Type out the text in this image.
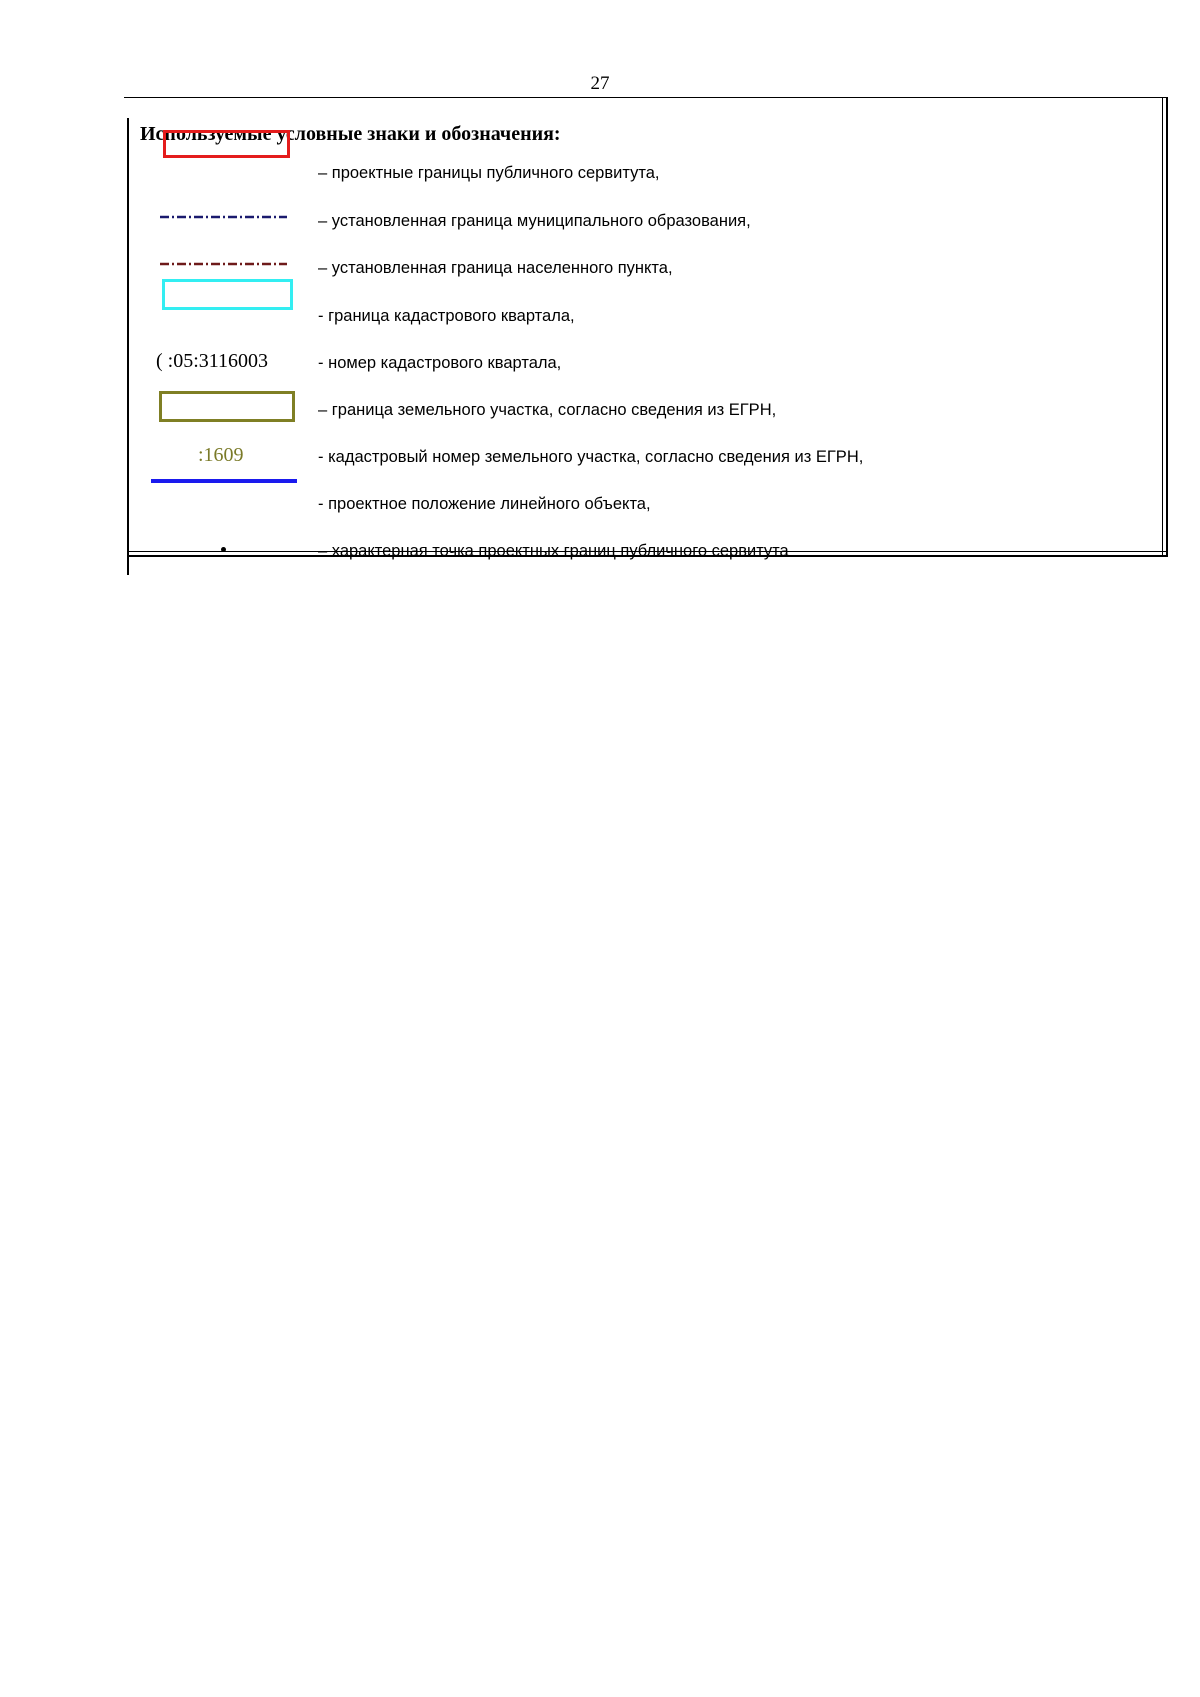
27
Используемые условные знаки и обозначения:
– проектные границы публичного сервитута,
– установленная граница муниципального образования,
– установленная граница населенного пункта,
- граница кадастрового квартала,
( :05:3116003	- номер кадастрового квартала,
– граница земельного участка, согласно сведения из ЕГРН,
:1609	- кадастровый номер земельного участка, согласно сведения из ЕГРН,
- проектное положение линейного объекта,
– характерная точка проектных границ публичного сервитута
